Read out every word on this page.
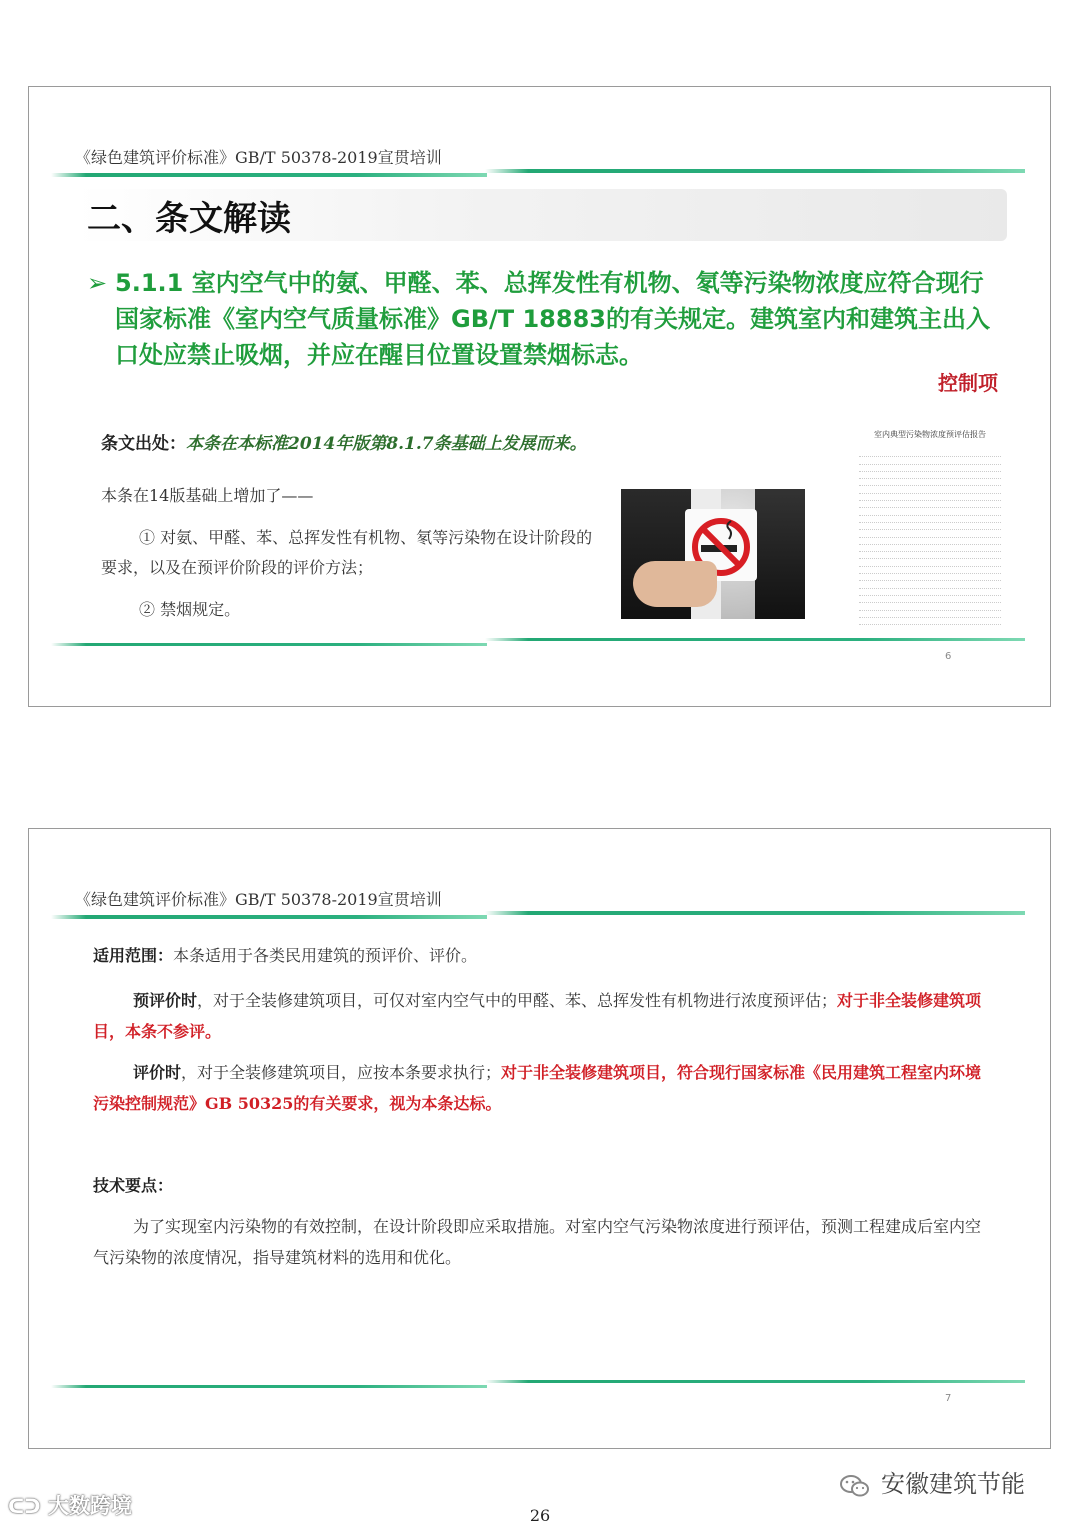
《绿色建筑评价标准》GB/T 50378-2019宣贯培训
二、条文解读
➢ 5.1.1 室内空气中的氨、甲醛、苯、总挥发性有机物、氡等污染物浓度应符合现行国家标准《室内空气质量标准》GB/T 18883的有关规定。建筑室内和建筑主出入口处应禁止吸烟，并应在醒目位置设置禁烟标志。
控制项
条文出处：本条在本标准2014年版第8.1.7条基础上发展而来。
本条在14版基础上增加了——
① 对氨、甲醛、苯、总挥发性有机物、氡等污染物在设计阶段的要求，以及在预评价阶段的评价方法；
② 禁烟规定。
室内典型污染物浓度预评估报告
6
《绿色建筑评价标准》GB/T 50378-2019宣贯培训
适用范围：本条适用于各类民用建筑的预评价、评价。
预评价时，对于全装修建筑项目，可仅对室内空气中的甲醛、苯、总挥发性有机物进行浓度预评估；对于非全装修建筑项目，本条不参评。
评价时，对于全装修建筑项目，应按本条要求执行；对于非全装修建筑项目，符合现行国家标准《民用建筑工程室内环境污染控制规范》GB 50325的有关要求，视为本条达标。
技术要点：
为了实现室内污染物的有效控制，在设计阶段即应采取措施。对室内空气污染物浓度进行预评估，预测工程建成后室内空气污染物的浓度情况，指导建筑材料的选用和优化。
7
ᑕᑐ 大数跨境
安徽建筑节能
26
